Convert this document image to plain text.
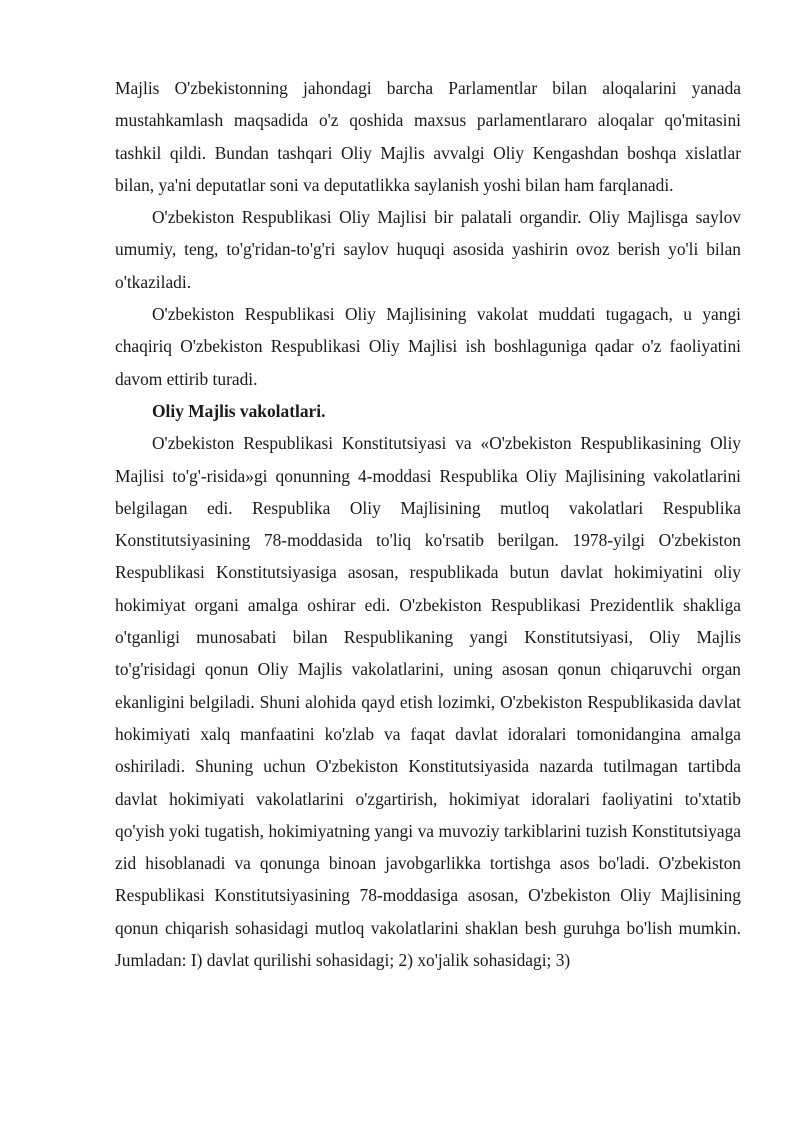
Majlis O'zbekistonning jahondagi barcha Parlamentlar bilan aloqalarini yanada mustahkamlash maqsadida o'z qoshida maxsus parlamentlararo aloqalar qo'mitasini tashkil qildi. Bundan tashqari Oliy Majlis avvalgi Oliy Kengashdan boshqa xislatlar bilan, ya'ni deputatlar soni va deputatlikka saylanish yoshi bilan ham farqlanadi.

O'zbekiston Respublikasi Oliy Majlisi bir palatali organdir. Oliy Majlisga saylov umumiy, teng, to'g'ridan-to'g'ri saylov huquqi asosida yashirin ovoz berish yo'li bilan o'tkaziladi.

O'zbekiston Respublikasi Oliy Majlisining vakolat muddati tugagach, u yangi chaqiriq O'zbekiston Respublikasi Oliy Majlisi ish boshlaguniga qadar o'z faoliyatini davom ettirib turadi.

Oliy Majlis vakolatlari.

O'zbekiston Respublikasi Konstitutsiyasi va «O'zbekiston Respublikasining Oliy Majlisi to'g'-risida»gi qonunning 4-moddasi Respublika Oliy Majlisining vakolatlarini belgilagan edi. Respublika Oliy Majlisining mutloq vakolatlari Respublika Konstitutsiyasining 78-moddasida to'liq ko'rsatib berilgan. 1978-yilgi O'zbekiston Respublikasi Konstitutsiyasiga asosan, respublikada butun davlat hokimiyatini oliy hokimiyat organi amalga oshirar edi. O'zbekiston Respublikasi Prezidentlik shakliga o'tganligi munosabati bilan Respublikaning yangi Konstitutsiyasi, Oliy Majlis to'g'risidagi qonun Oliy Majlis vakolatlarini, uning asosan qonun chiqaruvchi organ ekanligini belgiladi. Shuni alohida qayd etish lozimki, O'zbekiston Respublikasida davlat hokimiyati xalq manfaatini ko'zlab va faqat davlat idoralari tomonidangina amalga oshiriladi. Shuning uchun O'zbekiston Konstitutsiyasida nazarda tutilmagan tartibda davlat hokimiyati vakolatlarini o'zgartirish, hokimiyat idoralari faoliyatini to'xtatib qo'yish yoki tugatish, hokimiyatning yangi va muvoziy tarkiblarini tuzish Konstitutsiyaga zid hisoblanadi va qonunga binoan javobgarlikka tortishga asos bo'ladi. O'zbekiston Respublikasi Konstitutsiyasining 78-moddasiga asosan, O'zbekiston Oliy Majlisining qonun chiqarish sohasidagi mutloq vakolatlarini shaklan besh guruhga bo'lish mumkin. Jumladan: I) davlat qurilishi sohasidagi; 2) xo'jalik sohasidagi; 3)
